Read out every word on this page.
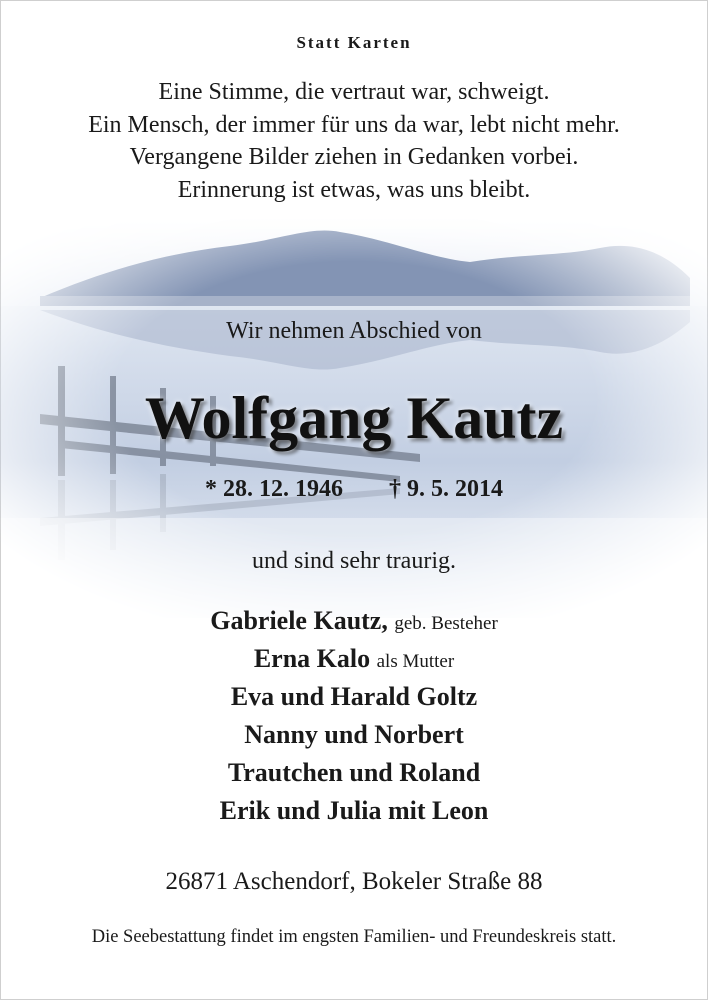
Statt Karten
Eine Stimme, die vertraut war, schweigt.
Ein Mensch, der immer für uns da war, lebt nicht mehr.
Vergangene Bilder ziehen in Gedanken vorbei.
Erinnerung ist etwas, was uns bleibt.
Wir nehmen Abschied von
Wolfgang Kautz
* 28. 12. 1946 † 9. 5. 2014
und sind sehr traurig.
Gabriele Kautz, geb. Besteher
Erna Kalo als Mutter
Eva und Harald Goltz
Nanny und Norbert
Trautchen und Roland
Erik und Julia mit Leon
26871 Aschendorf, Bokeler Straße 88
Die Seebestattung findet im engsten Familien- und Freundeskreis statt.
